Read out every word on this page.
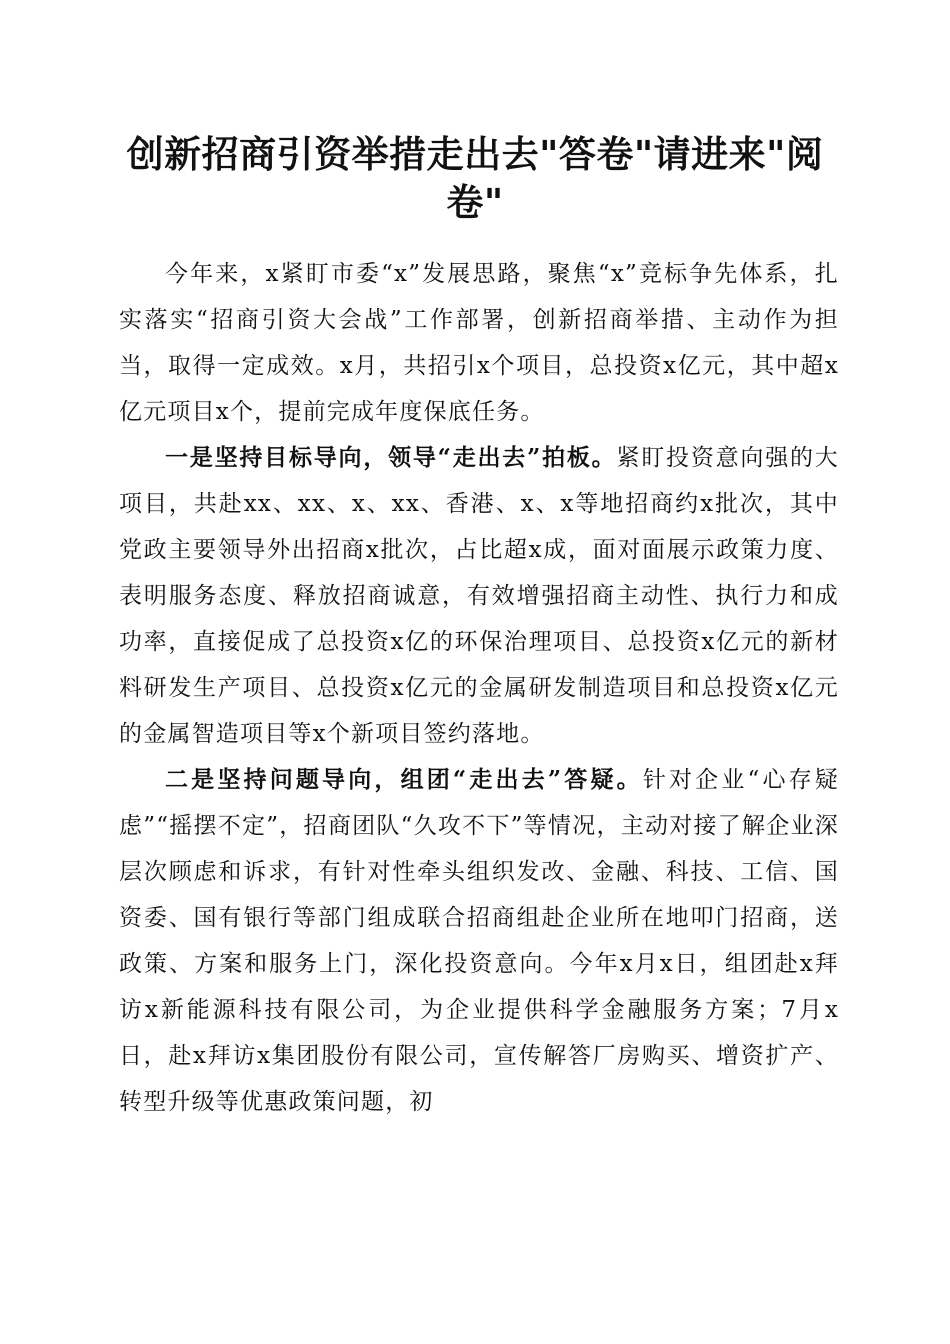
创新招商引资举措走出去"答卷"请进来"阅卷"

今年来，x紧盯市委“x”发展思路，聚焦“x”竞标争先体系，扎实落实“招商引资大会战”工作部署，创新招商举措、主动作为担当，取得一定成效。x月，共招引x个项目，总投资x亿元，其中超x亿元项目x个，提前完成年度保底任务。

一是坚持目标导向，领导“走出去”拍板。紧盯投资意向强的大项目，共赴xx、xx、x、xx、香港、x、x等地招商约x批次，其中党政主要领导外出招商x批次，占比超x成，面对面展示政策力度、表明服务态度、释放招商诚意，有效增强招商主动性、执行力和成功率，直接促成了总投资x亿的环保治理项目、总投资x亿元的新材料研发生产项目、总投资x亿元的金属研发制造项目和总投资x亿元的金属智造项目等x个新项目签约落地。

二是坚持问题导向，组团“走出去”答疑。针对企业“心存疑虑”“摇摆不定”，招商团队“久攻不下”等情况，主动对接了解企业深层次顾虑和诉求，有针对性牵头组织发改、金融、科技、工信、国资委、国有银行等部门组成联合招商组赴企业所在地叩门招商，送政策、方案和服务上门，深化投资意向。今年x月x日，组团赴x拜访x新能源科技有限公司，为企业提供科学金融服务方案；7月x日，赴x拜访x集团股份有限公司，宣传解答厂房购买、增资扩产、转型升级等优惠政策问题，初
